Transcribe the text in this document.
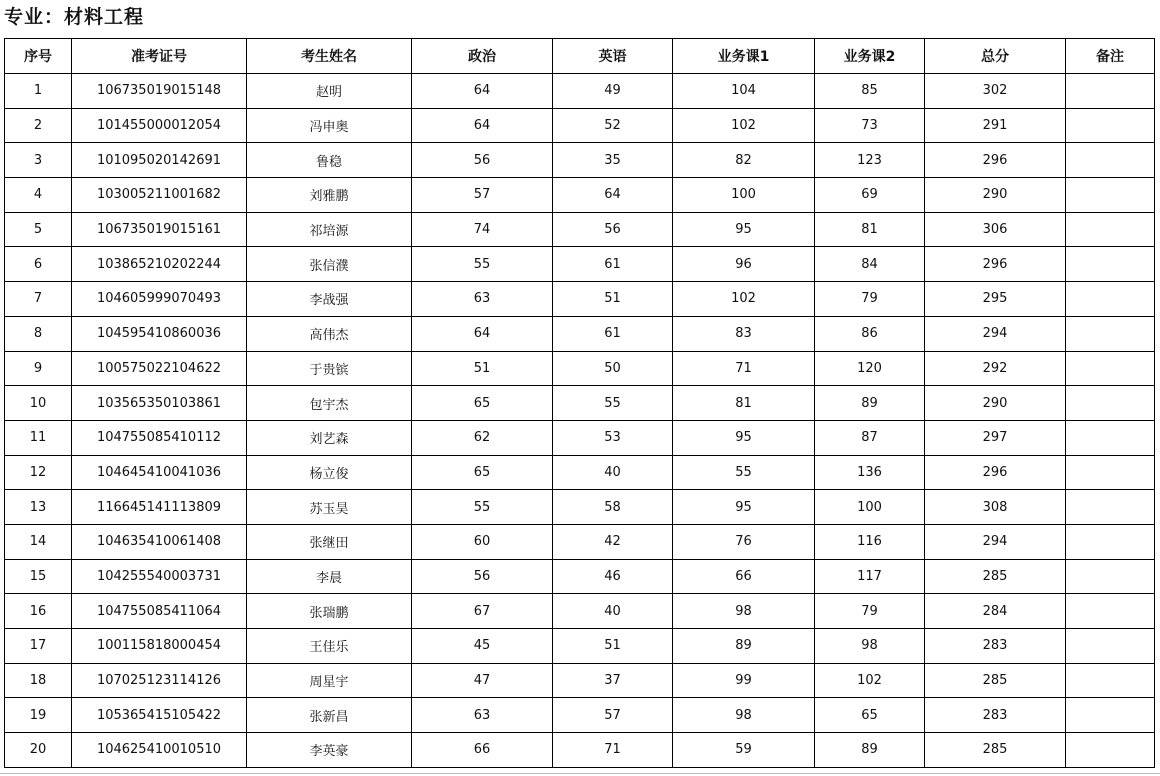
专业：材料工程
序号	准考证号	考生姓名	政治	英语	业务课1	业务课2	总分	备注
1	106735019015148	赵明	64	49	104	85	302	
2	101455000012054	冯申奥	64	52	102	73	291	
3	101095020142691	鲁稳	56	35	82	123	296	
4	103005211001682	刘雅鹏	57	64	100	69	290	
5	106735019015161	祁培源	74	56	95	81	306	
6	103865210202244	张信濮	55	61	96	84	296	
7	104605999070493	李战强	63	51	102	79	295	
8	104595410860036	高伟杰	64	61	83	86	294	
9	100575022104622	于贵镔	51	50	71	120	292	
10	103565350103861	包宇杰	65	55	81	89	290	
11	104755085410112	刘艺森	62	53	95	87	297	
12	104645410041036	杨立俊	65	40	55	136	296	
13	116645141113809	苏玉昊	55	58	95	100	308	
14	104635410061408	张继田	60	42	76	116	294	
15	104255540003731	李晨	56	46	66	117	285	
16	104755085411064	张瑞鹏	67	40	98	79	284	
17	100115818000454	王佳乐	45	51	89	98	283	
18	107025123114126	周星宇	47	37	99	102	285	
19	105365415105422	张新昌	63	57	98	65	283	
20	104625410010510	李英豪	66	71	59	89	285	
